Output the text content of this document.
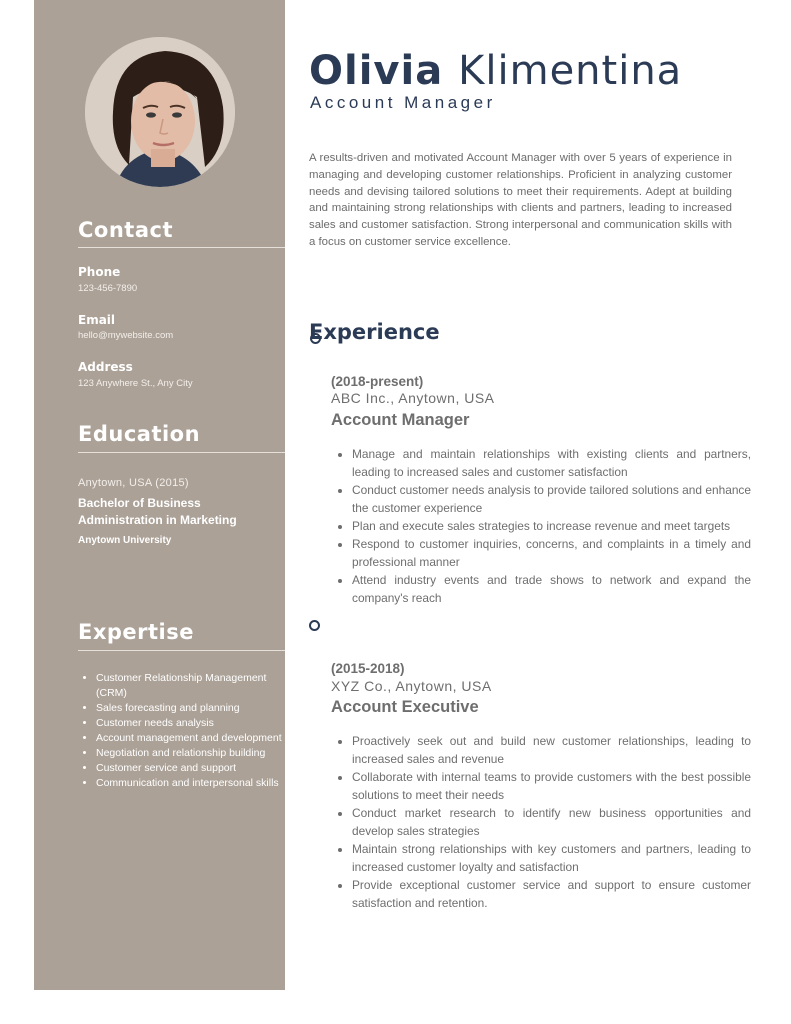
Contact
Phone
123-456-7890
Email
hello@mywebsite.com
Address
123 Anywhere St., Any City
Education
Anytown, USA (2015)
Bachelor of Business Administration in Marketing
Anytown University
Expertise
• Customer Relationship Management (CRM)
• Sales forecasting and planning
• Customer needs analysis
• Account management and development
• Negotiation and relationship building
• Customer service and support
• Communication and interpersonal skills
Olivia Klimentina
Account Manager

A results-driven and motivated Account Manager with over 5 years of experience in managing and developing customer relationships. Proficient in analyzing customer needs and devising tailored solutions to meet their requirements. Adept at building and maintaining strong relationships with clients and partners, leading to increased sales and customer satisfaction. Strong interpersonal and communication skills with a focus on customer service excellence.

Experience
(2018-present)
ABC Inc., Anytown, USA
Account Manager
• Manage and maintain relationships with existing clients and partners, leading to increased sales and customer satisfaction
• Conduct customer needs analysis to provide tailored solutions and enhance the customer experience
• Plan and execute sales strategies to increase revenue and meet targets
• Respond to customer inquiries, concerns, and complaints in a timely and professional manner
• Attend industry events and trade shows to network and expand the company's reach
(2015-2018)
XYZ Co., Anytown, USA
Account Executive
• Proactively seek out and build new customer relationships, leading to increased sales and revenue
• Collaborate with internal teams to provide customers with the best possible solutions to meet their needs
• Conduct market research to identify new business opportunities and develop sales strategies
• Maintain strong relationships with key customers and partners, leading to increased customer loyalty and satisfaction
• Provide exceptional customer service and support to ensure customer satisfaction and retention.
